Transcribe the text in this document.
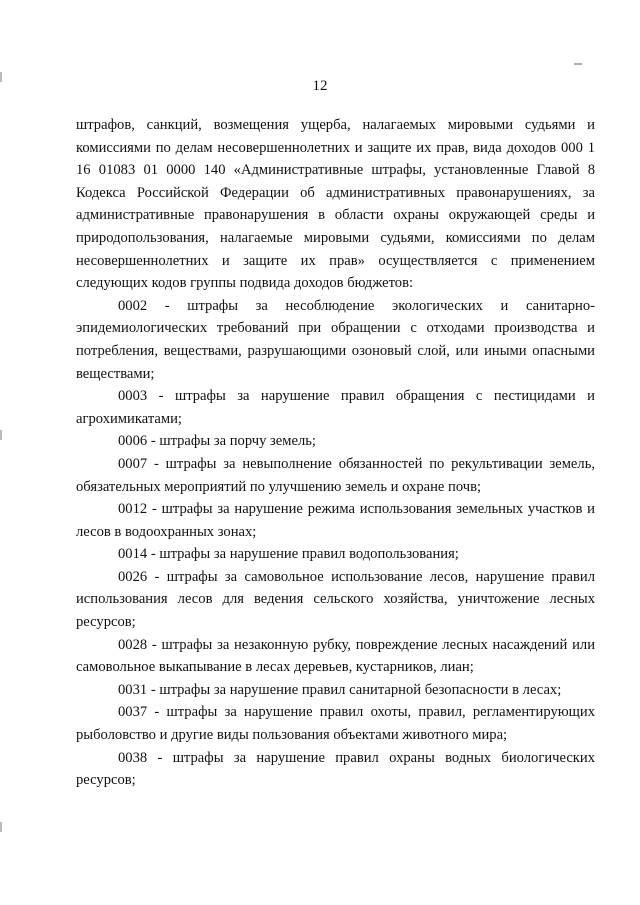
12

штрафов, санкций, возмещения ущерба, налагаемых мировыми судьями и комиссиями по делам несовершеннолетних и защите их прав, вида доходов 000 1 16 01083 01 0000 140 «Административные штрафы, установленные Главой 8 Кодекса Российской Федерации об административных правонарушениях, за административные правонарушения в области охраны окружающей среды и природопользования, налагаемые мировыми судьями, комиссиями по делам несовершеннолетних и защите их прав» осуществляется с применением следующих кодов группы подвида доходов бюджетов:

0002 - штрафы за несоблюдение экологических и санитарно-эпидемиологических требований при обращении с отходами производства и потребления, веществами, разрушающими озоновый слой, или иными опасными веществами;

0003 - штрафы за нарушение правил обращения с пестицидами и агрохимикатами;

0006 - штрафы за порчу земель;

0007 - штрафы за невыполнение обязанностей по рекультивации земель, обязательных мероприятий по улучшению земель и охране почв;

0012 - штрафы за нарушение режима использования земельных участков и лесов в водоохранных зонах;

0014 - штрафы за нарушение правил водопользования;

0026 - штрафы за самовольное использование лесов, нарушение правил использования лесов для ведения сельского хозяйства, уничтожение лесных ресурсов;

0028 - штрафы за незаконную рубку, повреждение лесных насаждений или самовольное выкапывание в лесах деревьев, кустарников, лиан;

0031 - штрафы за нарушение правил санитарной безопасности в лесах;

0037 - штрафы за нарушение правил охоты, правил, регламентирующих рыболовство и другие виды пользования объектами животного мира;

0038 - штрафы за нарушение правил охраны водных биологических ресурсов;
